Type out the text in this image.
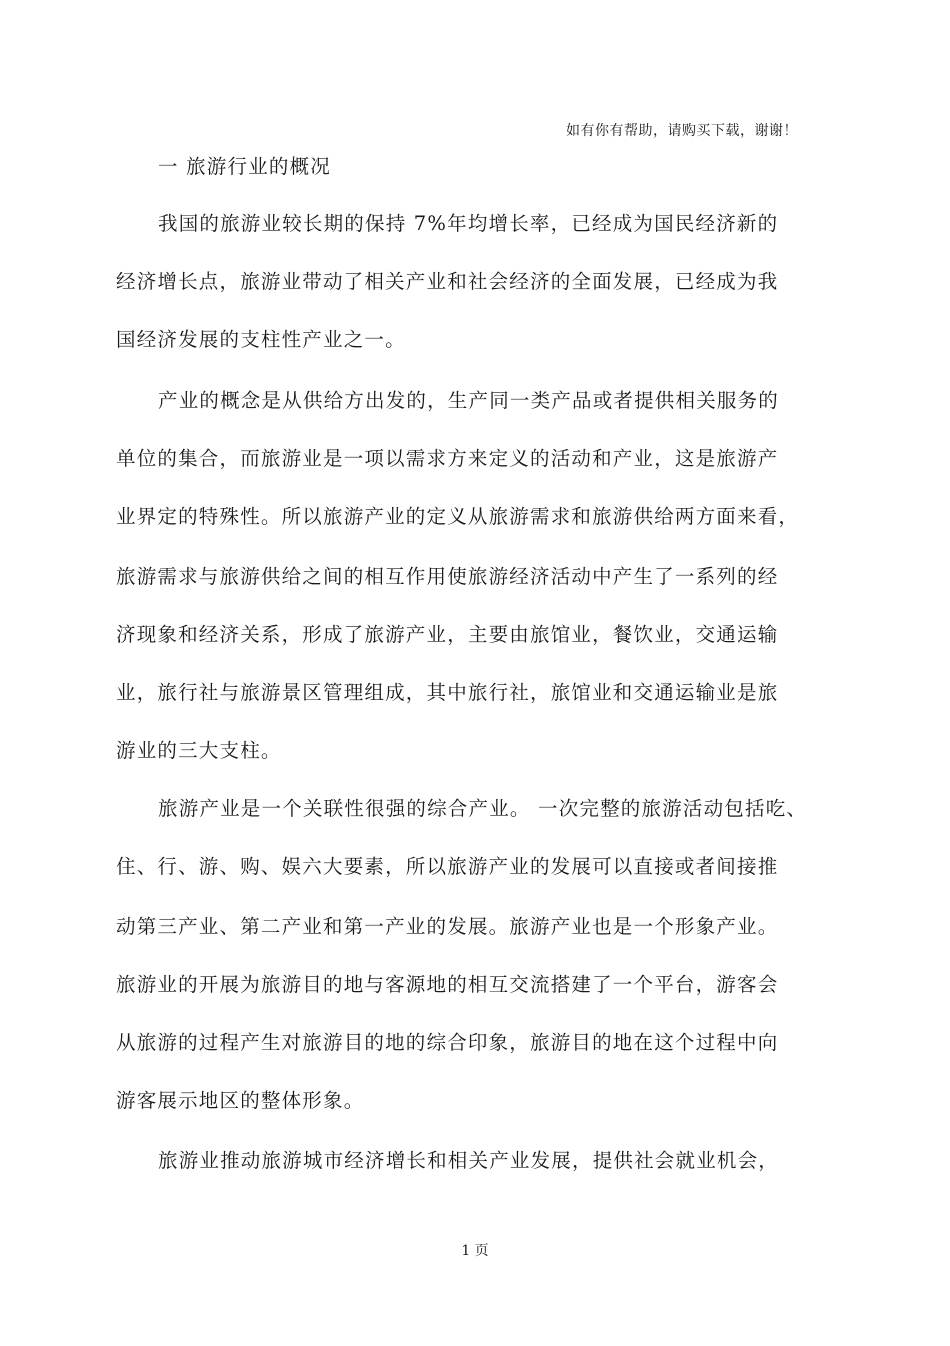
如有你有帮助，请购买下载，谢谢！
一 旅游行业的概况
我国的旅游业较长期的保持 7%年均增长率，已经成为国民经济新的
经济增长点，旅游业带动了相关产业和社会经济的全面发展，已经成为我
国经济发展的支柱性产业之一。
产业的概念是从供给方出发的，生产同一类产品或者提供相关服务的
单位的集合，而旅游业是一项以需求方来定义的活动和产业，这是旅游产
业界定的特殊性。所以旅游产业的定义从旅游需求和旅游供给两方面来看，
旅游需求与旅游供给之间的相互作用使旅游经济活动中产生了一系列的经
济现象和经济关系，形成了旅游产业，主要由旅馆业，餐饮业，交通运输
业，旅行社与旅游景区管理组成，其中旅行社，旅馆业和交通运输业是旅
游业的三大支柱。
旅游产业是一个关联性很强的综合产业。 一次完整的旅游活动包括吃、
住、行、游、购、娱六大要素，所以旅游产业的发展可以直接或者间接推
动第三产业、第二产业和第一产业的发展。旅游产业也是一个形象产业。
旅游业的开展为旅游目的地与客源地的相互交流搭建了一个平台，游客会
从旅游的过程产生对旅游目的地的综合印象，旅游目的地在这个过程中向
游客展示地区的整体形象。
旅游业推动旅游城市经济增长和相关产业发展，提供社会就业机会，
1 页
